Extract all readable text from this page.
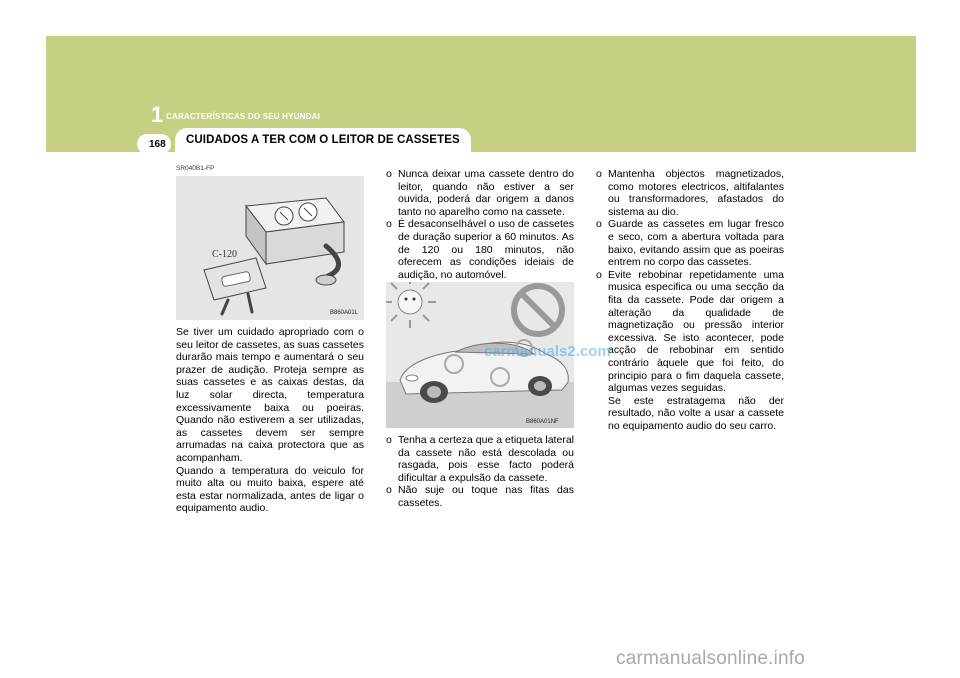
1 CARACTERÍSTICAS DO SEU HYUNDAI
168 CUIDADOS A TER COM O LEITOR DE CASSETES
SR040B1-FP
C-120
B860A01L

Se tiver um cuidado apropriado com o seu leitor de cassetes, as suas cassetes durarão mais tempo e aumentará o seu prazer de audição. Proteja sempre as suas cassetes e as caixas destas, da luz solar directa, temperatura excessivamente baixa ou poeiras. Quando não estiverem a ser utilizadas, as cassetes devem ser sempre arrumadas na caixa protectora que as acompanham.

Quando a temperatura do veiculo for muito alta ou muito baixa, espere até esta estar normalizada, antes de ligar o equipamento audio.

o Nunca deixar uma cassete dentro do leitor, quando não estiver a ser ouvida, poderá dar origem a danos tanto no aparelho como na cassete.
o É desaconselhável o uso de cassetes de duração superior a 60 minutos. As de 120 ou 180 minutos, não oferecem as condições ideiais de audição, no automóvel.
B860A01NF
o Tenha a certeza que a etiqueta lateral da cassete não está descolada ou rasgada, pois esse facto poderá dificultar a expulsão da cassete.
o Não suje ou toque nas fitas das cassetes.
o Mantenha objectos magnetizados, como motores electricos, altifalantes ou transformadores, afastados do sistema au dio.
o Guarde as cassetes em lugar fresco e seco, com a abertura voltada para baixo, evitando assim que as poeiras entrem no corpo das cassetes.
o Evite rebobinar repetidamente uma musica especifica ou uma secção da fita da cassete. Pode dar origem a alteração da qualidade de magnetização ou pressão interior excessiva. Se isto acontecer, pode acção de rebobinar em sentido contrário àquele que foi feito, do principio para o fim daquela cassete, algumas vezes seguidas.
Se este estratagema não der resultado, não volte a usar a cassete no equipamento audio do seu carro.
carmanuals2.com
carmanualsonline.info
